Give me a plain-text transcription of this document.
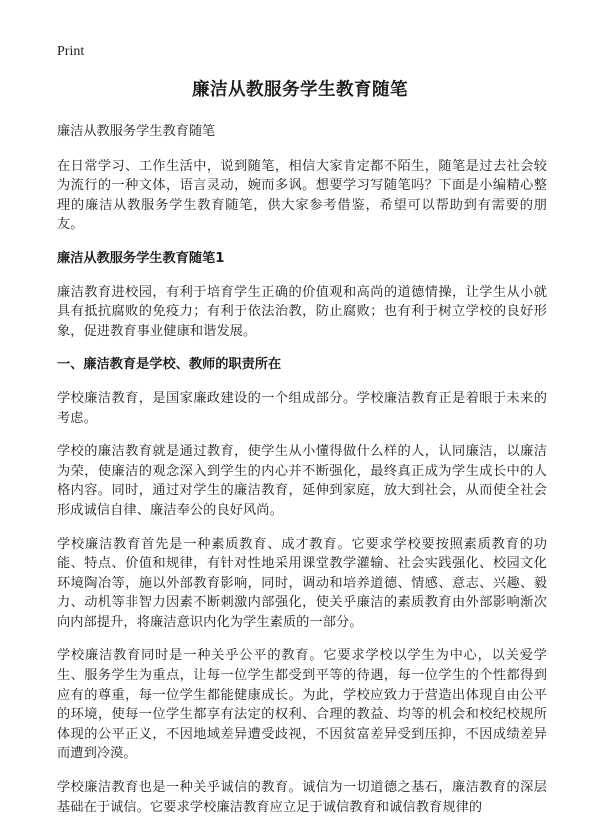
Print

廉洁从教服务学生教育随笔

廉洁从教服务学生教育随笔

在日常学习、工作生活中，说到随笔，相信大家肯定都不陌生，随笔是过去社会较为流行的一种文体，语言灵动，婉而多讽。想要学习写随笔吗？下面是小编精心整理的廉洁从教服务学生教育随笔，供大家参考借鉴，希望可以帮助到有需要的朋友。

廉洁从教服务学生教育随笔1

廉洁教育进校园，有利于培育学生正确的价值观和高尚的道德情操，让学生从小就具有抵抗腐败的免疫力；有利于依法治教，防止腐败；也有利于树立学校的良好形象，促进教育事业健康和谐发展。

一、廉洁教育是学校、教师的职责所在

学校廉洁教育，是国家廉政建设的一个组成部分。学校廉洁教育正是着眼于未来的考虑。

学校的廉洁教育就是通过教育，使学生从小懂得做什么样的人，认同廉洁，以廉洁为荣，使廉洁的观念深入到学生的内心并不断强化，最终真正成为学生成长中的人格内容。同时，通过对学生的廉洁教育，延伸到家庭，放大到社会，从而使全社会形成诚信自律、廉洁奉公的良好风尚。

学校廉洁教育首先是一种素质教育、成才教育。它要求学校要按照素质教育的功能、特点、价值和规律，有针对性地采用课堂教学灌输、社会实践强化、校园文化环境陶冶等，施以外部教育影响，同时，调动和培养道德、情感、意志、兴趣、毅力、动机等非智力因素不断刺激内部强化，使关乎廉洁的素质教育由外部影响渐次向内部提升，将廉洁意识内化为学生素质的一部分。

学校廉洁教育同时是一种关乎公平的教育。它要求学校以学生为中心，以关爱学生、服务学生为重点，让每一位学生都受到平等的待遇，每一位学生的个性都得到应有的尊重，每一位学生都能健康成长。为此，学校应致力于营造出体现自由公平的环境，使每一位学生都享有法定的权利、合理的教益、均等的机会和校纪校规所体现的公平正义，不因地域差异遭受歧视，不因贫富差异受到压抑，不因成绩差异而遭到冷漠。

学校廉洁教育也是一种关乎诚信的教育。诚信为一切道德之基石，廉洁教育的深层基础在于诚信。它要求学校廉洁教育应立足于诚信教育和诚信教育规律的
